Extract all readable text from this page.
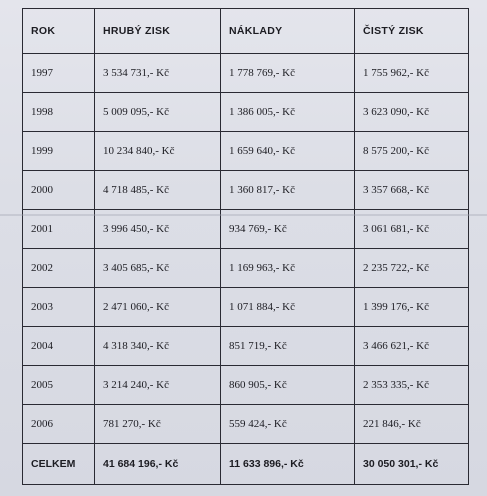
ROK	HRUBÝ ZISK	NÁKLADY	ČISTÝ ZISK
1997	3 534 731,- Kč	1 778 769,- Kč	1 755 962,- Kč
1998	5 009 095,- Kč	1 386 005,- Kč	3 623 090,- Kč
1999	10 234 840,- Kč	1 659 640,- Kč	8 575 200,- Kč
2000	4 718 485,- Kč	1 360 817,- Kč	3 357 668,- Kč
2001	3 996 450,- Kč	934 769,- Kč	3 061 681,- Kč
2002	3 405 685,- Kč	1 169 963,- Kč	2 235 722,- Kč
2003	2 471 060,- Kč	1 071 884,- Kč	1 399 176,- Kč
2004	4 318 340,- Kč	851 719,- Kč	3 466 621,- Kč
2005	3 214 240,- Kč	860 905,- Kč	2 353 335,- Kč
2006	781 270,- Kč	559 424,- Kč	221 846,- Kč
CELKEM	41 684 196,- Kč	11 633 896,- Kč	30 050 301,- Kč
